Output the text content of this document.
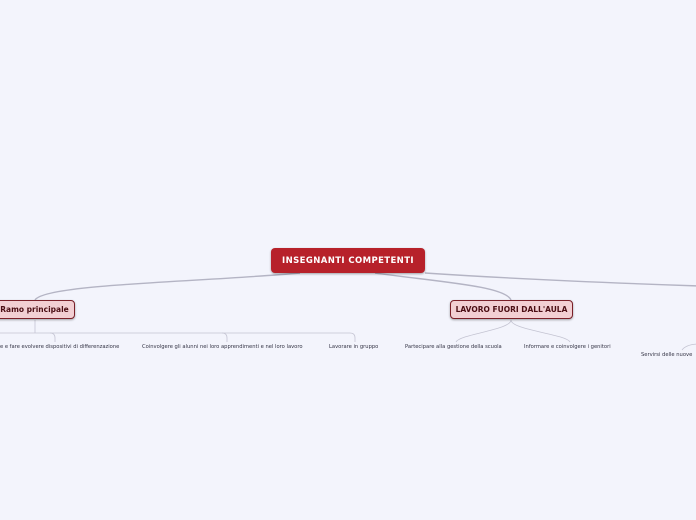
INSEGNANTI COMPETENTI
Ramo principale	LAVORO FUORI DALL'AULA
e e fare evolvere dispositivi di differenzazione	Coinvolgere gli alunni nei loro apprendimenti e nel loro lavoro	Lavorare in gruppo	Partecipare alla gestione della scuola	Informare e coinvolgere i genitori
Servirsi delle nuove
